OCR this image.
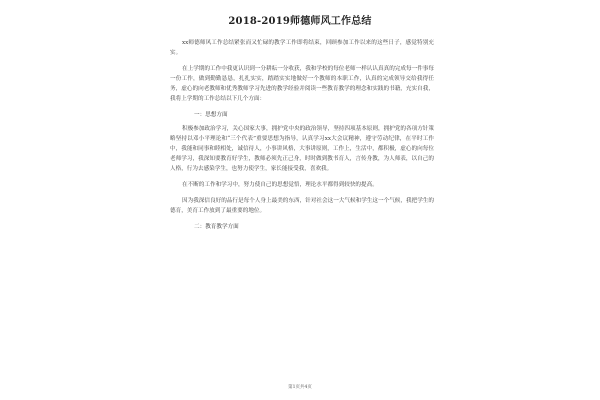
2018-2019师德师风工作总结

xx师德师风工作总结紧张而又忙碌的教学工作即将结束，回顾参加工作以来的这些日子，感觉特别充实。

在上学期的工作中我更认识到一分耕耘一分收获，我和学校的每位老师一样认认真真的完成每一件事每一份工作，做到勤勤恳恳，扎扎实实，踏踏实实地做好一个教师的本职工作，认真的完成领导交给我得任务，虚心的向老教师和优秀教师学习先进的教学经验并阅读一些教育教学的理念和实践的书籍，充实自我，我将上学期的工作总结以下几个方面：

一：思想方面

积极参加政治学习，关心国家大事，拥护党中央的政治领导，坚持四项基本原则，拥护党的各项方针策略坚持以邓小平理论和“三个代表”重要思想为指导，认真学习xx大会议精神，遵守劳动纪律，在平时工作中，我能和同事和睦相处，诚信待人，小事讲风格，大事讲原则，工作上，生活中，都积极，虚心的向每位老师学习，我深知要教育好学生，教师必须先正己身，时时做到教书育人，言传身教，为人师表，以自己的人格，行为去感染学生，也努力使学生，家长能接受我，喜欢我。

在不断的工作和学习中，努力使自己的思想觉悟，理论水平都得到较快的提高。

因为我深信良好的品行是每个人身上最美的东西，针对社会这一大气候和学生这一个气候，我把学生的德育，美育工作放到了最重要的地位。

二：教育教学方面
第1页共4页
